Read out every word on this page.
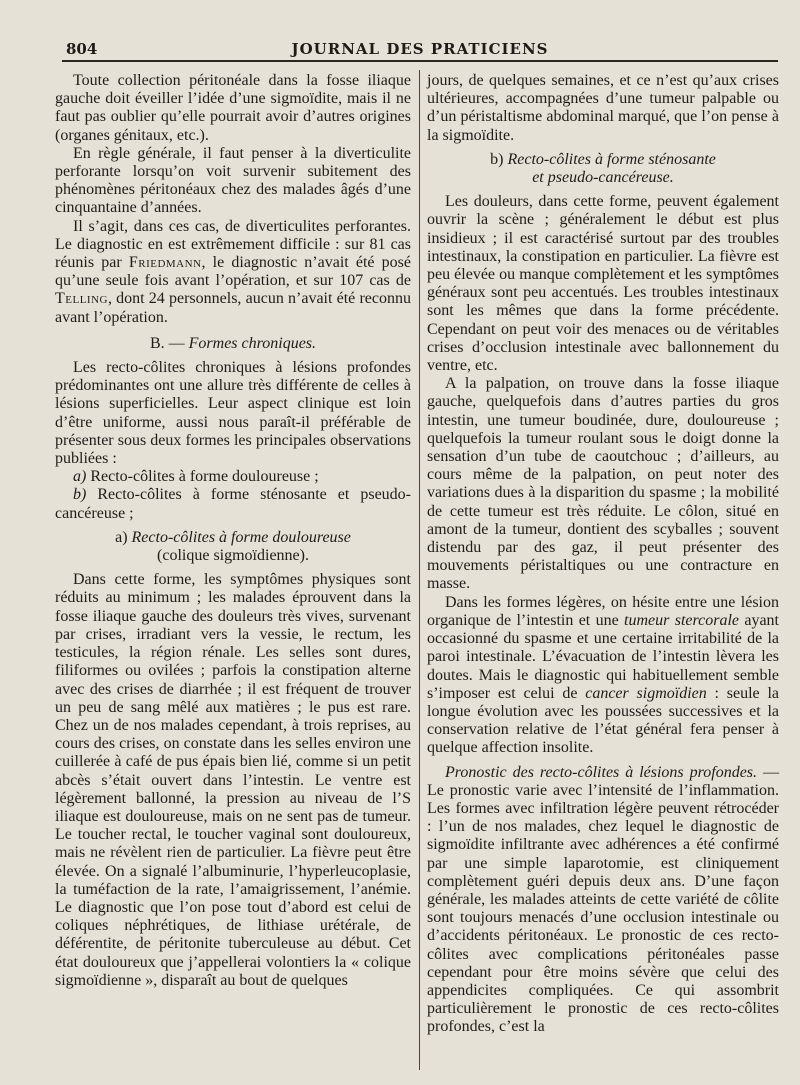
804	JOURNAL DES PRATICIENS

Toute collection péritonéale dans la fosse iliaque gauche doit éveiller l’idée d’une sigmoïdite, mais il ne faut pas oublier qu’elle pourrait avoir d’autres origines (organes génitaux, etc.).

En règle générale, il faut penser à la diverticulite perforante lorsqu’on voit survenir subitement des phénomènes péritonéaux chez des malades âgés d’une cinquantaine d’années.

Il s’agit, dans ces cas, de diverticulites perforantes. Le diagnostic en est extrêmement difficile : sur 81 cas réunis par Friedmann, le diagnostic n’avait été posé qu’une seule fois avant l’opération, et sur 107 cas de Telling, dont 24 personnels, aucun n’avait été reconnu avant l’opération.

B. — Formes chroniques.

Les recto-côlites chroniques à lésions profondes prédominantes ont une allure très différente de celles à lésions superficielles. Leur aspect clinique est loin d’être uniforme, aussi nous paraît-il préférable de présenter sous deux formes les principales observations publiées :

a) Recto-côlites à forme douloureuse ;

b) Recto-côlites à forme sténosante et pseudo-cancéreuse ;

a) Recto-côlites à forme douloureuse
(colique sigmoïdienne).

Dans cette forme, les symptômes physiques sont réduits au minimum ; les malades éprouvent dans la fosse iliaque gauche des douleurs très vives, survenant par crises, irradiant vers la vessie, le rectum, les testicules, la région rénale. Les selles sont dures, filiformes ou ovilées ; parfois la constipation alterne avec des crises de diarrhée ; il est fréquent de trouver un peu de sang mêlé aux matières ; le pus est rare. Chez un de nos malades cependant, à trois reprises, au cours des crises, on constate dans les selles environ une cuillerée à café de pus épais bien lié, comme si un petit abcès s’était ouvert dans l’intestin. Le ventre est légèrement ballonné, la pression au niveau de l’S iliaque est douloureuse, mais on ne sent pas de tumeur. Le toucher rectal, le toucher vaginal sont douloureux, mais ne révèlent rien de particulier. La fièvre peut être élevée. On a signalé l’albuminurie, l’hyperleucoplasie, la tuméfaction de la rate, l’amaigrissement, l’anémie. Le diagnostic que l’on pose tout d’abord est celui de coliques néphrétiques, de lithiase urétérale, de déférentite, de péritonite tuberculeuse au début. Cet état douloureux que j’appellerai volontiers la « colique sigmoïdienne », disparaît au bout de quelques

jours, de quelques semaines, et ce n’est qu’aux crises ultérieures, accompagnées d’une tumeur palpable ou d’un péristaltisme abdominal marqué, que l’on pense à la sigmoïdite.

b) Recto-côlites à forme sténosante
et pseudo-cancéreuse.

Les douleurs, dans cette forme, peuvent également ouvrir la scène ; généralement le début est plus insidieux ; il est caractérisé surtout par des troubles intestinaux, la constipation en particulier. La fièvre est peu élevée ou manque complètement et les symptômes généraux sont peu accentués. Les troubles intestinaux sont les mêmes que dans la forme précédente. Cependant on peut voir des menaces ou de véritables crises d’occlusion intestinale avec ballonnement du ventre, etc.

A la palpation, on trouve dans la fosse iliaque gauche, quelquefois dans d’autres parties du gros intestin, une tumeur boudinée, dure, douloureuse ; quelquefois la tumeur roulant sous le doigt donne la sensation d’un tube de caoutchouc ; d’ailleurs, au cours même de la palpation, on peut noter des variations dues à la disparition du spasme ; la mobilité de cette tumeur est très réduite. Le côlon, situé en amont de la tumeur, dontient des scyballes ; souvent distendu par des gaz, il peut présenter des mouvements péristaltiques ou une contracture en masse.

Dans les formes légères, on hésite entre une lésion organique de l’intestin et une tumeur stercorale ayant occasionné du spasme et une certaine irritabilité de la paroi intestinale. L’évacuation de l’intestin lèvera les doutes. Mais le diagnostic qui habituellement semble s’imposer est celui de cancer sigmoïdien : seule la longue évolution avec les poussées successives et la conservation relative de l’état général fera penser à quelque affection insolite.

Pronostic des recto-côlites à lésions profondes. — Le pronostic varie avec l’intensité de l’inflammation. Les formes avec infiltration légère peuvent rétrocéder : l’un de nos malades, chez lequel le diagnostic de sigmoïdite infiltrante avec adhérences a été confirmé par une simple laparotomie, est cliniquement complètement guéri depuis deux ans. D’une façon générale, les malades atteints de cette variété de côlite sont toujours menacés d’une occlusion intestinale ou d’accidents péritonéaux. Le pronostic de ces recto-côlites avec complications péritonéales passe cependant pour être moins sévère que celui des appendicites compliquées. Ce qui assombrit particulièrement le pronostic de ces recto-côlites profondes, c’est la
